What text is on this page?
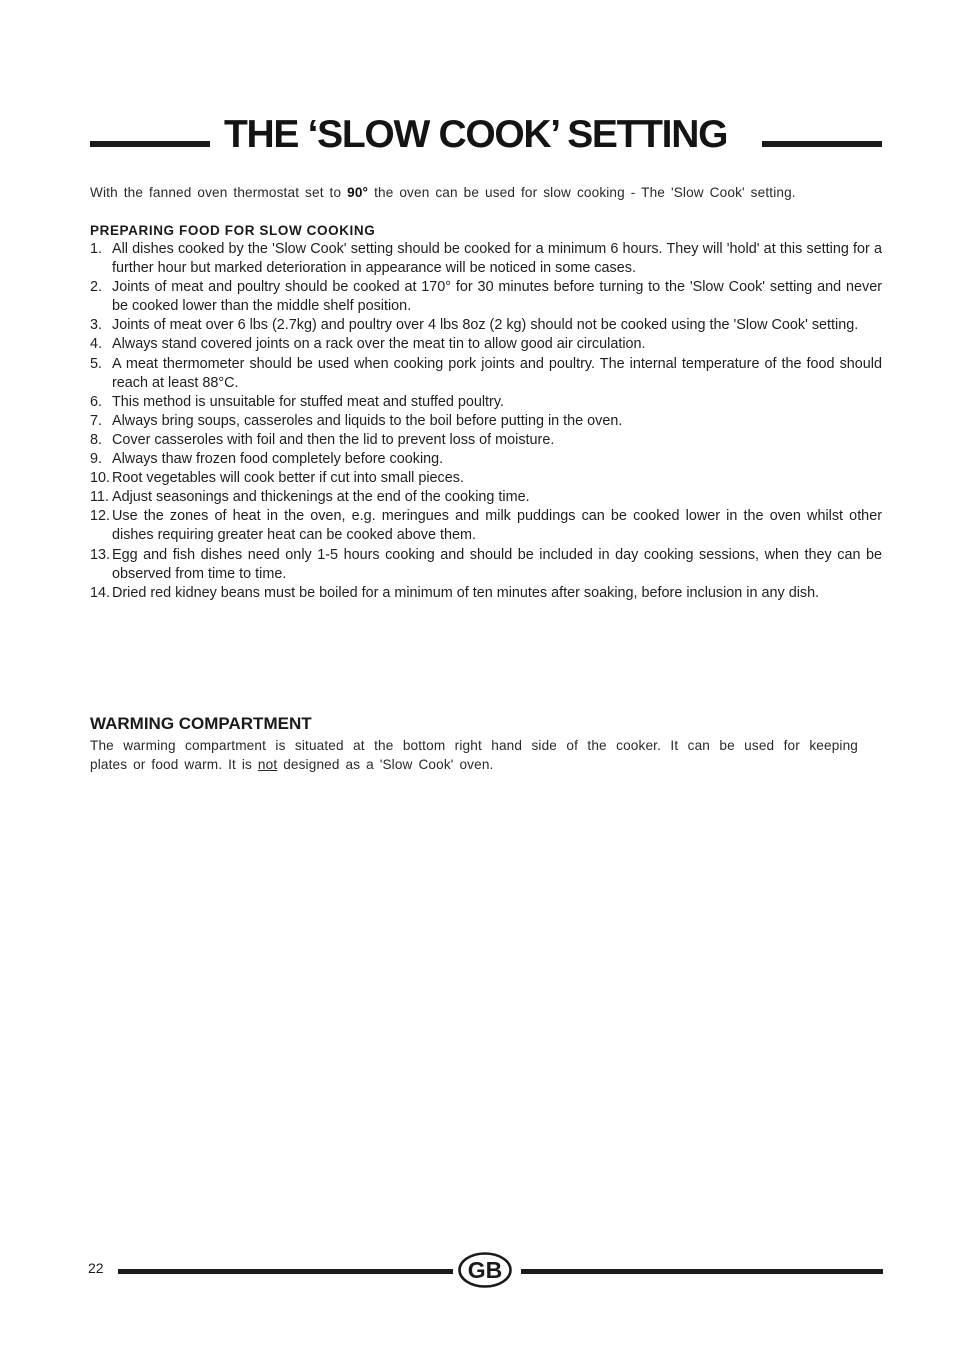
THE ‘SLOW COOK’ SETTING

With the fanned oven thermostat set to 90° the oven can be used for slow cooking - The 'Slow Cook' setting.

PREPARING FOOD FOR SLOW COOKING
1. All dishes cooked by the 'Slow Cook' setting should be cooked for a minimum 6 hours. They will 'hold' at this setting for a further hour but marked deterioration in appearance will be noticed in some cases.
2. Joints of meat and poultry should be cooked at 170° for 30 minutes before turning to the 'Slow Cook' setting and never be cooked lower than the middle shelf position.
3. Joints of meat over 6 lbs (2.7kg) and poultry over 4 lbs 8oz (2 kg) should not be cooked using the 'Slow Cook' setting.
4. Always stand covered joints on a rack over the meat tin to allow good air circulation.
5. A meat thermometer should be used when cooking pork joints and poultry. The internal temperature of the food should reach at least 88°C.
6. This method is unsuitable for stuffed meat and stuffed poultry.
7. Always bring soups, casseroles and liquids to the boil before putting in the oven.
8. Cover casseroles with foil and then the lid to prevent loss of moisture.
9. Always thaw frozen food completely before cooking.
10. Root vegetables will cook better if cut into small pieces.
11. Adjust seasonings and thickenings at the end of the cooking time.
12. Use the zones of heat in the oven, e.g. meringues and milk puddings can be cooked lower in the oven whilst other dishes requiring greater heat can be cooked above them.
13. Egg and fish dishes need only 1-5 hours cooking and should be included in day cooking sessions, when they can be observed from time to time.
14. Dried red kidney beans must be boiled for a minimum of ten minutes after soaking, before inclusion in any dish.
WARMING COMPARTMENT

The warming compartment is situated at the bottom right hand side of the cooker. It can be used for keeping
plates or food warm. It is not designed as a 'Slow Cook' oven.

22	GB
